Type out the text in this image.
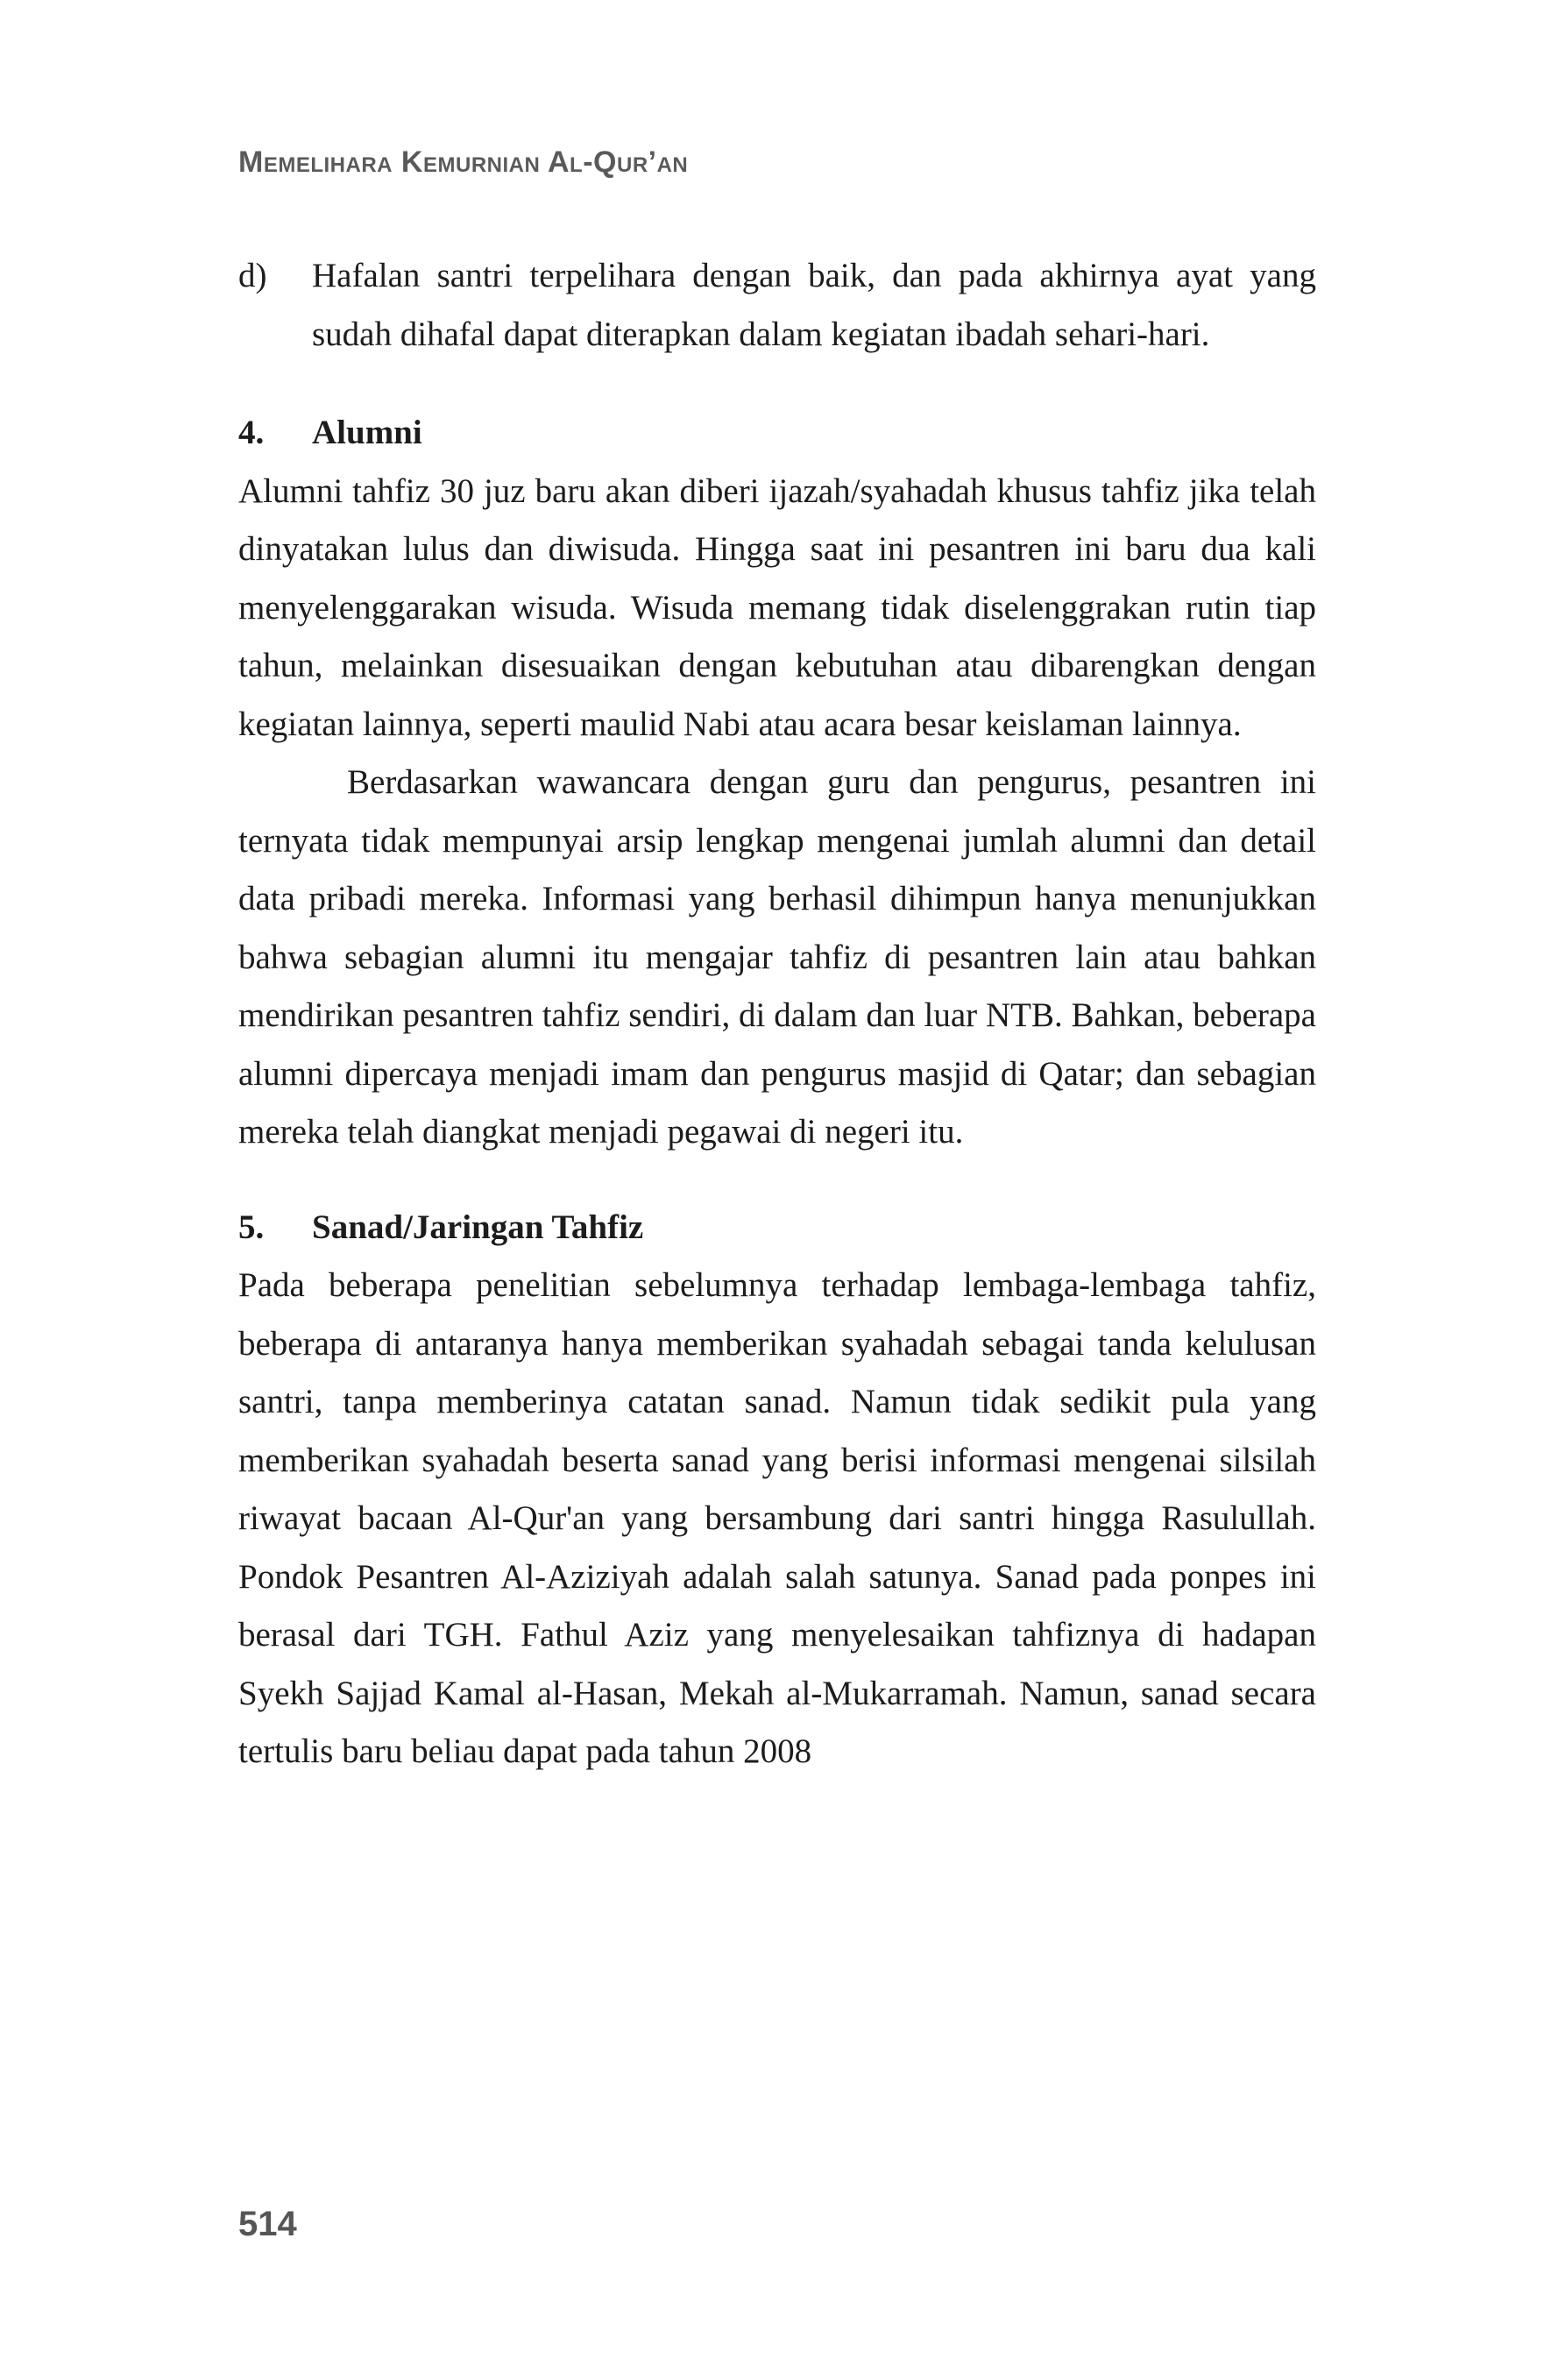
Memelihara Kemurnian Al-Qur’an
d)	Hafalan santri terpelihara dengan baik, dan pada akhirnya ayat yang sudah dihafal dapat diterapkan dalam kegiatan ibadah sehari-hari.
4.	Alumni

Alumni tahfiz 30 juz baru akan diberi ijazah/syahadah khusus tahfiz jika telah dinyatakan lulus dan diwisuda. Hingga saat ini pesantren ini baru dua kali menyelenggarakan wisuda. Wisuda memang tidak diselenggrakan rutin tiap tahun, melainkan disesuaikan dengan kebutuhan atau dibarengkan dengan kegiatan lainnya, seperti maulid Nabi atau acara besar keislaman lainnya.

Berdasarkan wawancara dengan guru dan pengurus, pesantren ini ternyata tidak mempunyai arsip lengkap mengenai jumlah alumni dan detail data pribadi mereka. Informasi yang berhasil dihimpun hanya menunjukkan bahwa sebagian alumni itu mengajar tahfiz di pesantren lain atau bahkan mendirikan pesantren tahfiz sendiri, di dalam dan luar NTB. Bahkan, beberapa alumni dipercaya menjadi imam dan pengurus masjid di Qatar; dan sebagian mereka telah diangkat menjadi pegawai di negeri itu.

5.	Sanad/Jaringan Tahfiz

Pada beberapa penelitian sebelumnya terhadap lembaga-lembaga tahfiz, beberapa di antaranya hanya memberikan syahadah sebagai tanda kelulusan santri, tanpa memberinya catatan sanad. Namun tidak sedikit pula yang memberikan syahadah beserta sanad yang berisi informasi mengenai silsilah riwayat bacaan Al-Qur'an yang bersambung dari santri hingga Rasulullah. Pondok Pesantren Al-Aziziyah adalah salah satunya. Sanad pada ponpes ini berasal dari TGH. Fathul Aziz yang menyelesaikan tahfiznya di hadapan Syekh Sajjad Kamal al-Hasan, Mekah al-Mukarramah. Namun, sanad secara tertulis baru beliau dapat pada tahun 2008

514
